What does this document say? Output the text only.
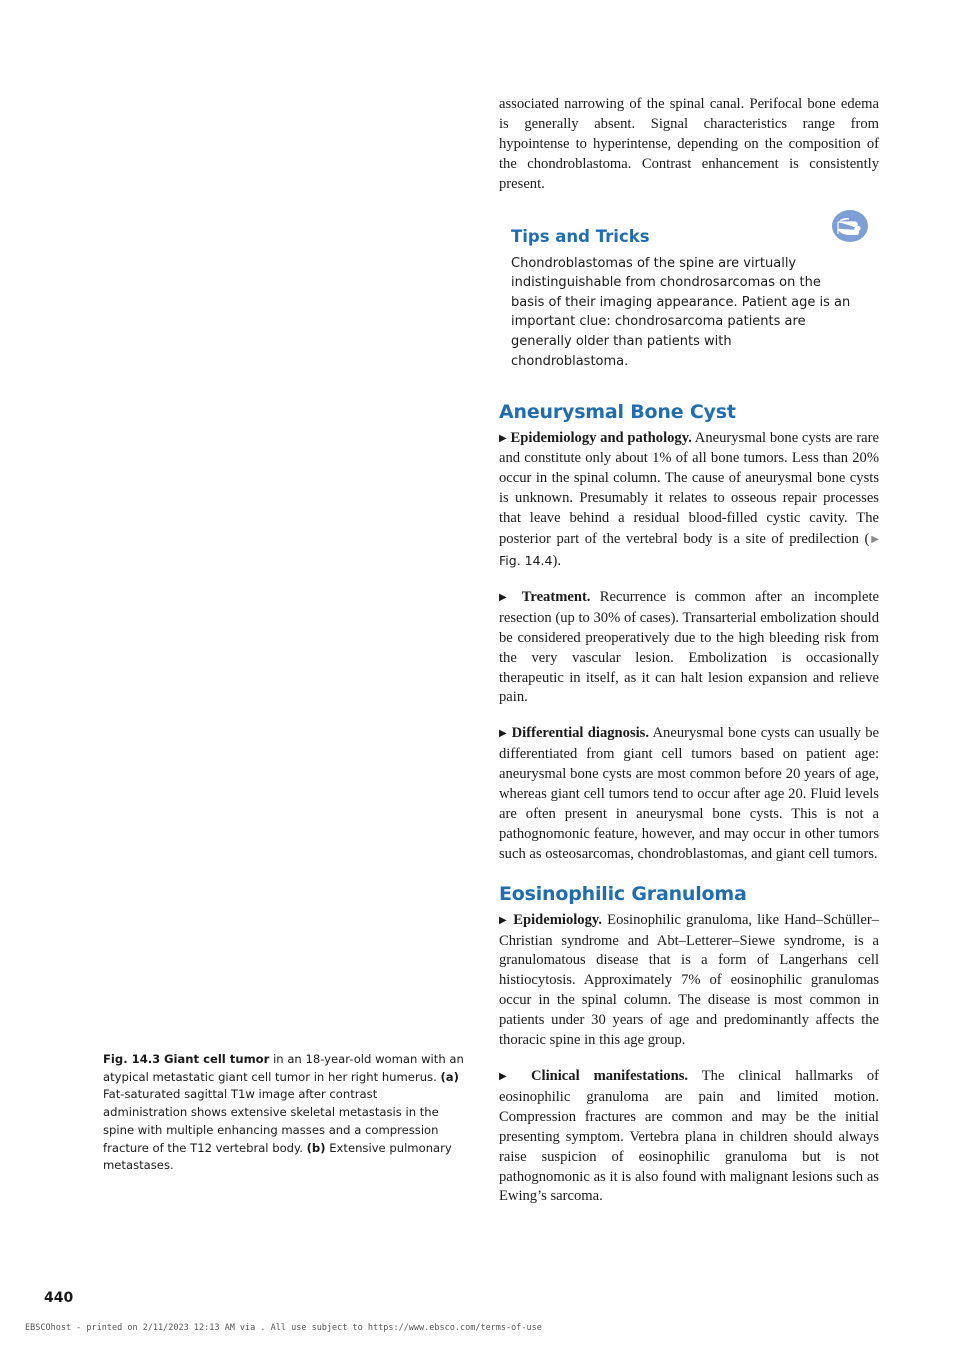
associated narrowing of the spinal canal. Perifocal bone edema is generally absent. Signal characteristics range from hypointense to hyperintense, depending on the composition of the chondroblastoma. Contrast enhancement is consistently present.

Tips and Tricks

Chondroblastomas of the spine are virtually indistinguishable from chondrosarcomas on the basis of their imaging appearance. Patient age is an important clue: chondrosarcoma patients are generally older than patients with chondroblastoma.

Aneurysmal Bone Cyst

▶ Epidemiology and pathology. Aneurysmal bone cysts are rare and constitute only about 1% of all bone tumors. Less than 20% occur in the spinal column. The cause of aneurysmal bone cysts is unknown. Presumably it relates to osseous repair processes that leave behind a residual blood-filled cystic cavity. The posterior part of the vertebral body is a site of predilection (▶ Fig. 14.4).

▶ Treatment. Recurrence is common after an incomplete resection (up to 30% of cases). Transarterial embolization should be considered preoperatively due to the high bleeding risk from the very vascular lesion. Embolization is occasionally therapeutic in itself, as it can halt lesion expansion and relieve pain.

▶ Differential diagnosis. Aneurysmal bone cysts can usually be differentiated from giant cell tumors based on patient age: aneurysmal bone cysts are most common before 20 years of age, whereas giant cell tumors tend to occur after age 20. Fluid levels are often present in aneurysmal bone cysts. This is not a pathognomonic feature, however, and may occur in other tumors such as osteosarcomas, chondroblastomas, and giant cell tumors.

Eosinophilic Granuloma

▶ Epidemiology. Eosinophilic granuloma, like Hand–Schüller–Christian syndrome and Abt–Letterer–Siewe syndrome, is a granulomatous disease that is a form of Langerhans cell histiocytosis. Approximately 7% of eosinophilic granulomas occur in the spinal column. The disease is most common in patients under 30 years of age and predominantly affects the thoracic spine in this age group.

▶ Clinical manifestations. The clinical hallmarks of eosinophilic granuloma are pain and limited motion. Compression fractures are common and may be the initial presenting symptom. Vertebra plana in children should always raise suspicion of eosinophilic granuloma but is not pathognomonic as it is also found with malignant lesions such as Ewing’s sarcoma.

Fig. 14.3 Giant cell tumor in an 18-year-old woman with an atypical metastatic giant cell tumor in her right humerus. (a) Fat-saturated sagittal T1w image after contrast administration shows extensive skeletal metastasis in the spine with multiple enhancing masses and a compression fracture of the T12 vertebral body. (b) Extensive pulmonary metastases.

440
EBSCOhost - printed on 2/11/2023 12:13 AM via . All use subject to https://www.ebsco.com/terms-of-use
